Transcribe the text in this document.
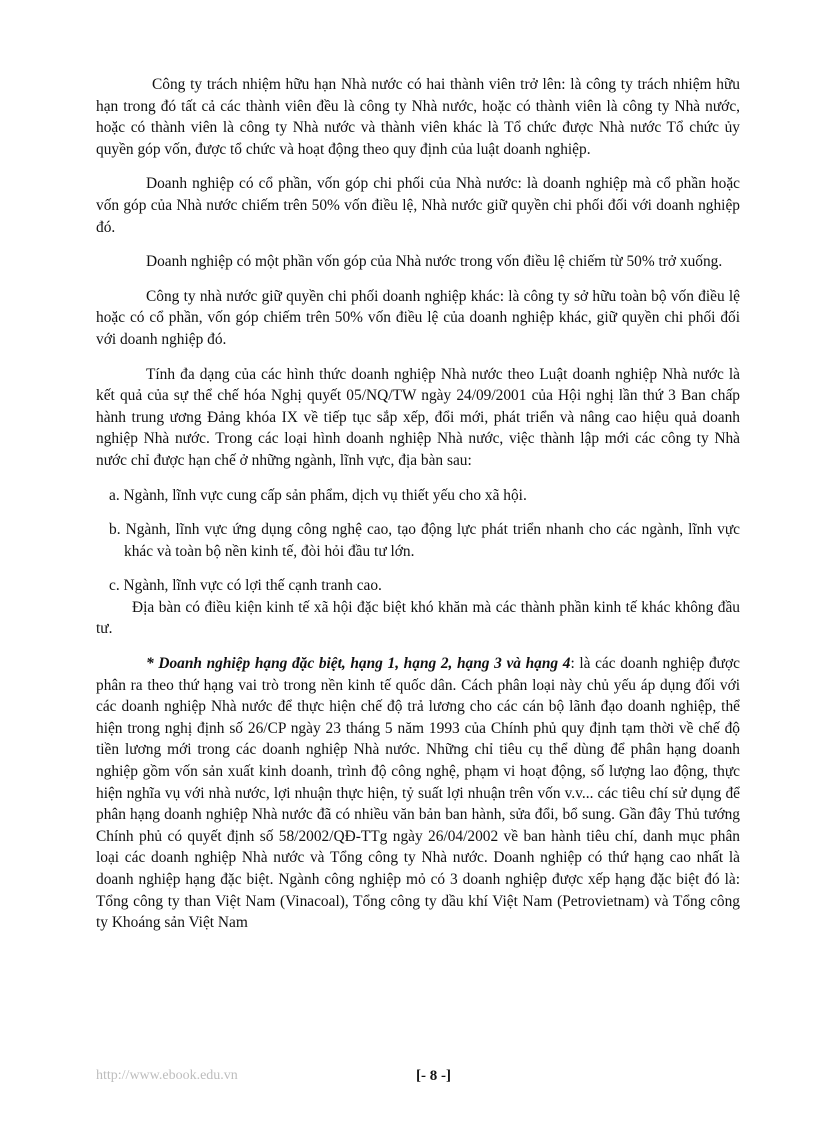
Công ty trách nhiệm hữu hạn Nhà nước có hai thành viên trở lên: là công ty trách nhiệm hữu hạn trong đó tất cả các thành viên đều là công ty Nhà nước, hoặc có thành viên là công ty Nhà nước, hoặc có thành viên là công ty Nhà nước và thành viên khác là Tổ chức được Nhà nước Tổ chức ủy quyền góp vốn, được tổ chức và hoạt động theo quy định của luật doanh nghiệp.

Doanh nghiệp có cổ phần, vốn góp chi phối của Nhà nước: là doanh nghiệp mà cổ phần hoặc vốn góp của Nhà nước chiếm trên 50% vốn điều lệ, Nhà nước giữ quyền chi phối đối với doanh nghiệp đó.

Doanh nghiệp có một phần vốn góp của Nhà nước trong vốn điều lệ chiếm từ 50% trở xuống.

Công ty nhà nước giữ quyền chi phối doanh nghiệp khác: là công ty sở hữu toàn bộ vốn điều lệ hoặc có cổ phần, vốn góp chiếm trên 50% vốn điều lệ của doanh nghiệp khác, giữ quyền chi phối đối với doanh nghiệp đó.

Tính đa dạng của các hình thức doanh nghiệp Nhà nước theo Luật doanh nghiệp Nhà nước là kết quả của sự thể chế hóa Nghị quyết 05/NQ/TW ngày 24/09/2001 của Hội nghị lần thứ 3 Ban chấp hành trung ương Đảng khóa IX về tiếp tục sắp xếp, đổi mới, phát triển và nâng cao hiệu quả doanh nghiệp Nhà nước. Trong các loại hình doanh nghiệp Nhà nước, việc thành lập mới các công ty Nhà nước chỉ được hạn chế ở những ngành, lĩnh vực, địa bàn sau:

a. Ngành, lĩnh vực cung cấp sản phẩm, dịch vụ thiết yếu cho xã hội.

b. Ngành, lĩnh vực ứng dụng công nghệ cao, tạo động lực phát triển nhanh cho các ngành, lĩnh vực khác và toàn bộ nền kinh tế, đòi hỏi đầu tư lớn.

c. Ngành, lĩnh vực có lợi thế cạnh tranh cao.

Địa bàn có điều kiện kinh tế xã hội đặc biệt khó khăn mà các thành phần kinh tế khác không đầu tư.

* Doanh nghiệp hạng đặc biệt, hạng 1, hạng 2, hạng 3 và hạng 4: là các doanh nghiệp được phân ra theo thứ hạng vai trò trong nền kinh tế quốc dân. Cách phân loại này chủ yếu áp dụng đối với các doanh nghiệp Nhà nước để thực hiện chế độ trả lương cho các cán bộ lãnh đạo doanh nghiệp, thể hiện trong nghị định số 26/CP ngày 23 tháng 5 năm 1993 của Chính phủ quy định tạm thời về chế độ tiền lương mới trong các doanh nghiệp Nhà nước. Những chỉ tiêu cụ thể dùng để phân hạng doanh nghiệp gồm vốn sản xuất kinh doanh, trình độ công nghệ, phạm vi hoạt động, số lượng lao động, thực hiện nghĩa vụ với nhà nước, lợi nhuận thực hiện, tỷ suất lợi nhuận trên vốn v.v... các tiêu chí sử dụng để phân hạng doanh nghiệp Nhà nước đã có nhiều văn bản ban hành, sửa đổi, bổ sung. Gần đây Thủ tướng Chính phủ có quyết định số 58/2002/QĐ-TTg ngày 26/04/2002 về ban hành tiêu chí, danh mục phân loại các doanh nghiệp Nhà nước và Tổng công ty Nhà nước. Doanh nghiệp có thứ hạng cao nhất là doanh nghiệp hạng đặc biệt. Ngành công nghiệp mỏ có 3 doanh nghiệp được xếp hạng đặc biệt đó là: Tổng công ty than Việt Nam (Vinacoal), Tổng công ty dầu khí Việt Nam (Petrovietnam) và Tổng công ty Khoáng sản Việt Nam

http://www.ebook.edu.vn	[- 8 -]
